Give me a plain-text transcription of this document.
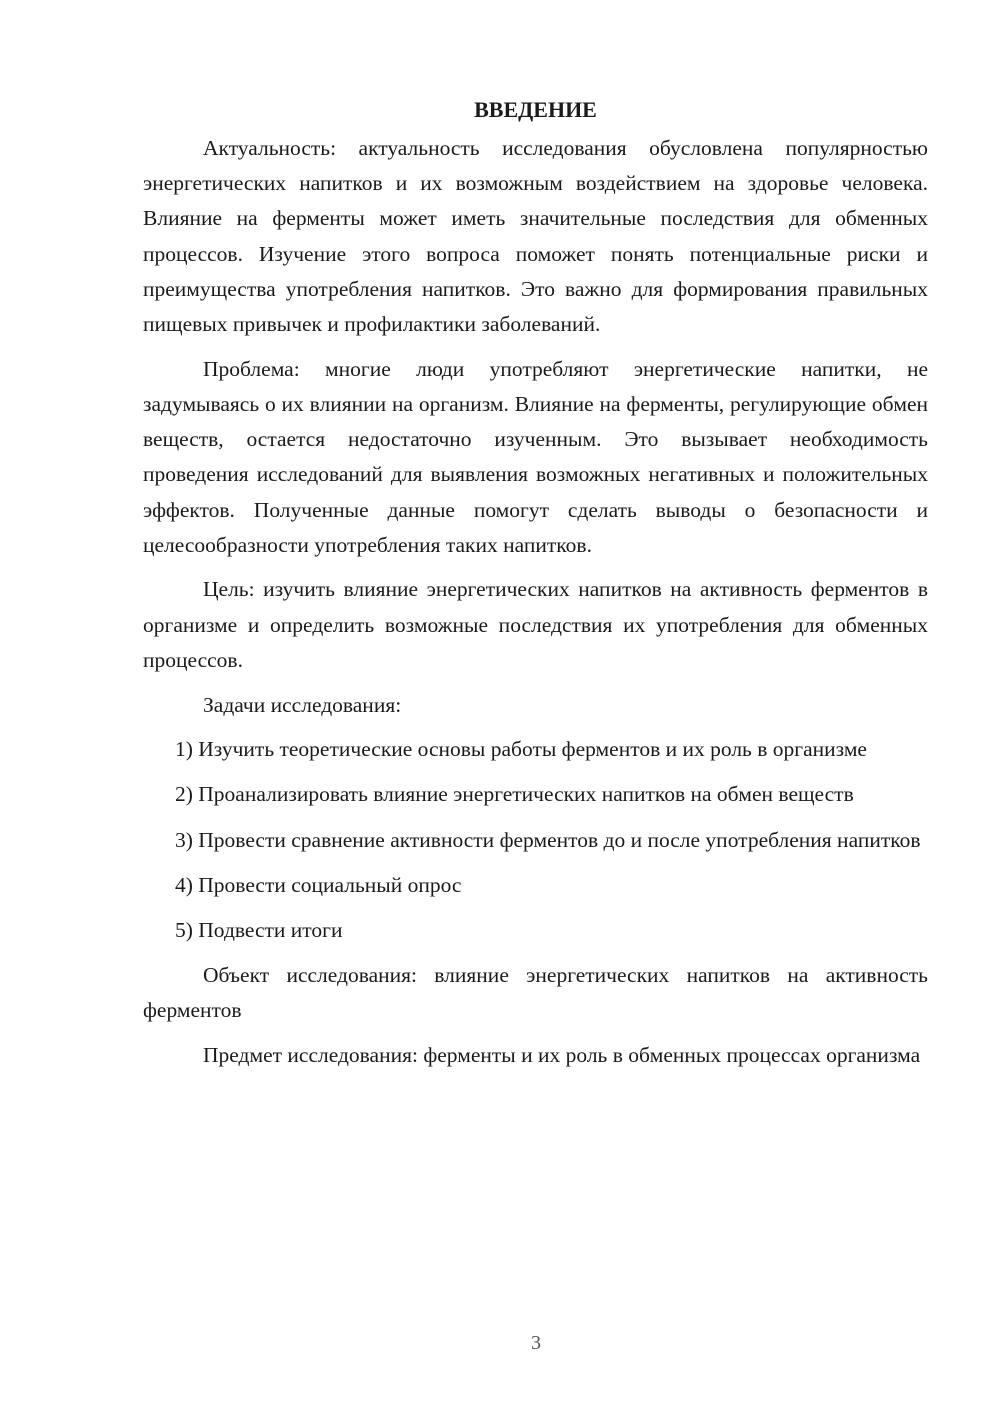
ВВЕДЕНИЕ

Актуальность: актуальность исследования обусловлена популярностью энергетических напитков и их возможным воздействием на здоровье человека. Влияние на ферменты может иметь значительные последствия для обменных процессов. Изучение этого вопроса поможет понять потенциальные риски и преимущества употребления напитков. Это важно для формирования правильных пищевых привычек и профилактики заболеваний.

Проблема: многие люди употребляют энергетические напитки, не задумываясь о их влиянии на организм. Влияние на ферменты, регулирующие обмен веществ, остается недостаточно изученным. Это вызывает необходимость проведения исследований для выявления возможных негативных и положительных эффектов. Полученные данные помогут сделать выводы о безопасности и целесообразности употребления таких напитков.

Цель: изучить влияние энергетических напитков на активность ферментов в организме и определить возможные последствия их употребления для обменных процессов.

Задачи исследования:

1) Изучить теоретические основы работы ферментов и их роль в организме

2) Проанализировать влияние энергетических напитков на обмен веществ

3) Провести сравнение активности ферментов до и после употребления напитков

4) Провести социальный опрос

5) Подвести итоги

Объект исследования: влияние энергетических напитков на активность ферментов

Предмет исследования: ферменты и их роль в обменных процессах организма

3
